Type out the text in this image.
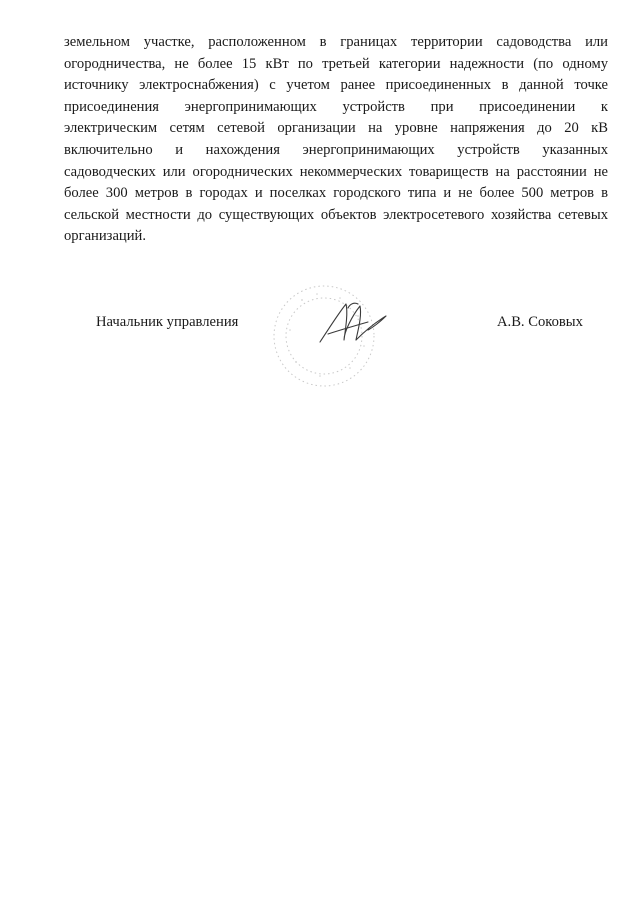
земельном участке, расположенном в границах территории садоводства или
огородничества, не более 15 кВт по третьей категории надежности (по одному
источнику электроснабжения) с учетом ранее присоединенных в данной точке
присоединения энергопринимающих устройств при присоединении к
электрическим сетям сетевой организации на уровне напряжения до 20 кВ
включительно и нахождения энергопринимающих устройств указанных
садоводческих или огороднических некоммерческих товариществ на расстоянии не
более 300 метров в городах и поселках городского типа и не более 500 метров в
сельской местности до существующих объектов электросетевого хозяйства сетевых
организаций.
Начальник управления	А.В. Соковых
